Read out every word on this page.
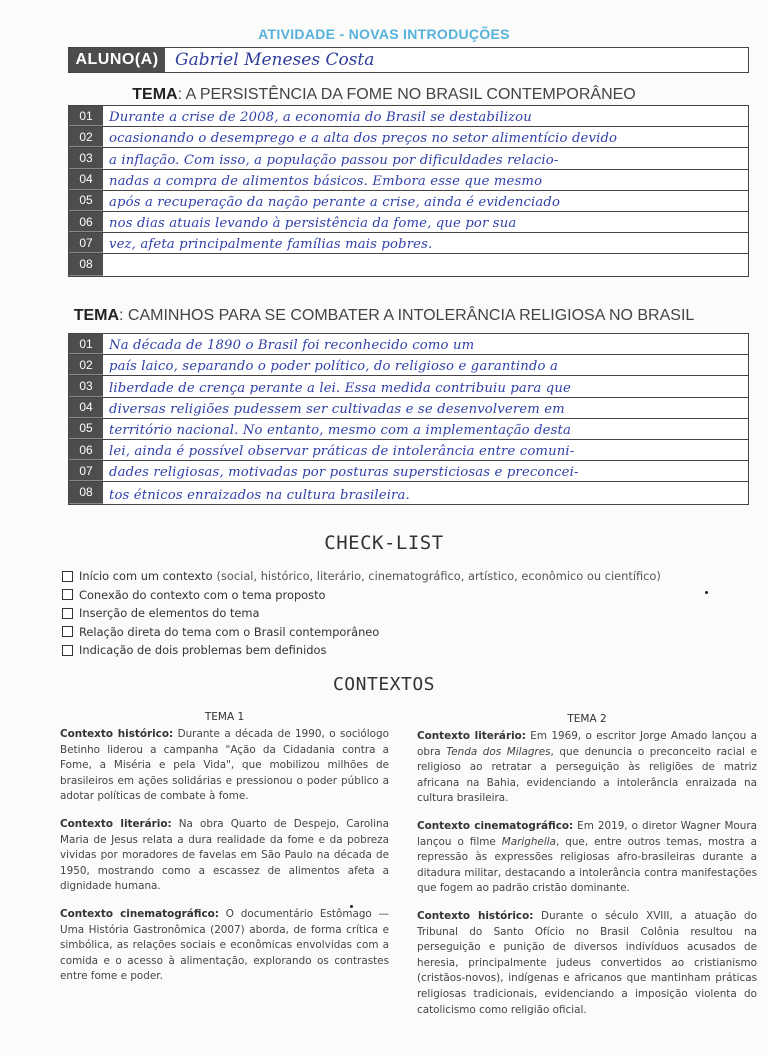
ATIVIDADE - NOVAS INTRODUÇÕES
ALUNO(A) Gabriel Meneses Costa
TEMA: A PERSISTÊNCIA DA FOME NO BRASIL CONTEMPORÂNEO
01	Durante a crise de 2008, a economia do Brasil se destabilizou
02	ocasionando o desemprego e a alta dos preços no setor alimentício devido
03	a inflação. Com isso, a população passou por dificuldades relacio-
04	nadas a compra de alimentos básicos. Embora esse que mesmo
05	após a recuperação da nação perante a crise, ainda é evidenciado
06	nos dias atuais levando à persistência da fome, que por sua
07	vez, afeta principalmente famílias mais pobres.
08
TEMA: CAMINHOS PARA SE COMBATER A INTOLERÂNCIA RELIGIOSA NO BRASIL
01	Na década de 1890 o Brasil foi reconhecido como um
02	país laico, separando o poder político, do religioso e garantindo a
03	liberdade de crença perante a lei. Essa medida contribuiu para que
04	diversas religiões pudessem ser cultivadas e se desenvolverem em
05	território nacional. No entanto, mesmo com a implementação desta
06	lei, ainda é possível observar práticas de intolerância entre comuni-
07	dades religiosas, motivadas por posturas supersticiosas e preconcei-
08	tos étnicos enraizados na cultura brasileira.
CHECK-LIST
Início com um contexto (social, histórico, literário, cinematográfico, artístico, econômico ou científico)
Conexão do contexto com o tema proposto
Inserção de elementos do tema
Relação direta do tema com o Brasil contemporâneo
Indicação de dois problemas bem definidos
CONTEXTOS
TEMA 1

Contexto histórico: Durante a década de 1990, o sociólogo Betinho liderou a campanha "Ação da Cidadania contra a Fome, a Miséria e pela Vida", que mobilizou milhões de brasileiros em ações solidárias e pressionou o poder público a adotar políticas de combate à fome.

Contexto literário: Na obra Quarto de Despejo, Carolina Maria de Jesus relata a dura realidade da fome e da pobreza vividas por moradores de favelas em São Paulo na década de 1950, mostrando como a escassez de alimentos afeta a dignidade humana.

Contexto cinematográfico: O documentário Estômago — Uma História Gastronômica (2007) aborda, de forma crítica e simbólica, as relações sociais e econômicas envolvidas com a comida e o acesso à alimentação, explorando os contrastes entre fome e poder.

TEMA 2

Contexto literário: Em 1969, o escritor Jorge Amado lançou a obra Tenda dos Milagres, que denuncia o preconceito racial e religioso ao retratar a perseguição às religiões de matriz africana na Bahia, evidenciando a intolerância enraizada na cultura brasileira.

Contexto cinematográfico: Em 2019, o diretor Wagner Moura lançou o filme Marighella, que, entre outros temas, mostra a repressão às expressões religiosas afro-brasileiras durante a ditadura militar, destacando a intolerância contra manifestações que fogem ao padrão cristão dominante.

Contexto histórico: Durante o século XVIII, a atuação do Tribunal do Santo Ofício no Brasil Colônia resultou na perseguição e punição de diversos indivíduos acusados de heresia, principalmente judeus convertidos ao cristianismo (cristãos-novos), indígenas e africanos que mantinham práticas religiosas tradicionais, evidenciando a imposição violenta do catolicismo como religião oficial.
